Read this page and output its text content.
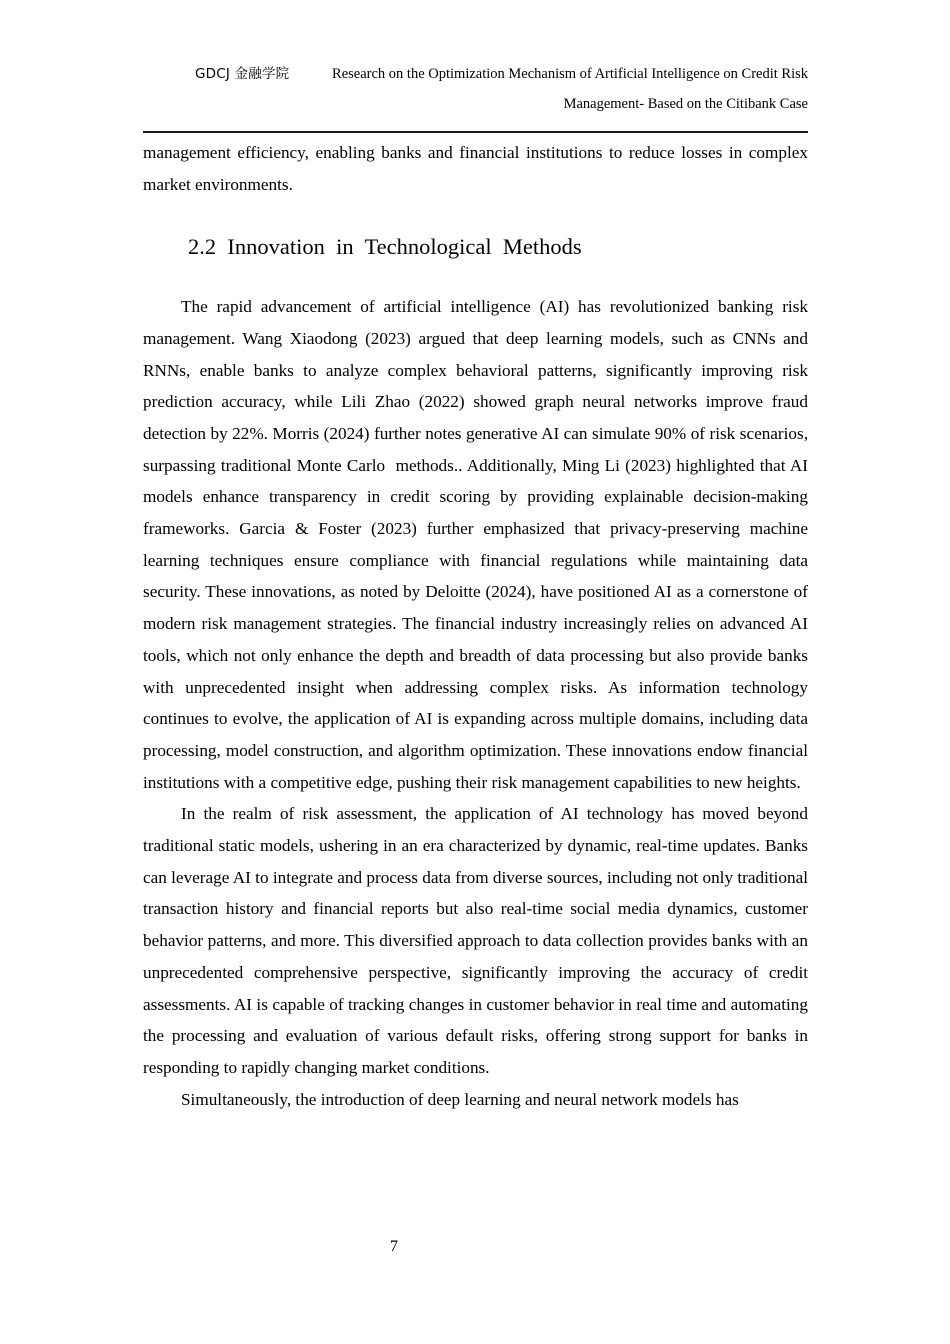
GDCJ 金融学院	Research on the Optimization Mechanism of Artificial Intelligence on Credit Risk
Management- Based on the Citibank Case

management efficiency, enabling banks and financial institutions to reduce losses in complex market environments.

2.2  Innovation  in  Technological  Methods

The rapid advancement of artificial intelligence (AI) has revolutionized banking risk management. Wang Xiaodong (2023) argued that deep learning models, such as CNNs and RNNs, enable banks to analyze complex behavioral patterns, significantly improving risk prediction accuracy, while Lili Zhao (2022) showed graph neural networks improve fraud detection by 22%. Morris (2024) further notes generative AI can simulate 90% of risk scenarios, surpassing traditional Monte Carlo  methods.. Additionally, Ming Li (2023) highlighted that AI models enhance transparency in credit scoring by providing explainable decision-making frameworks. Garcia & Foster (2023) further emphasized that privacy-preserving machine learning techniques ensure compliance with financial regulations while maintaining data security. These innovations, as noted by Deloitte (2024), have positioned AI as a cornerstone of modern risk management strategies. The financial industry increasingly relies on advanced AI tools, which not only enhance the depth and breadth of data processing but also provide banks with unprecedented insight when addressing complex risks. As information technology continues to evolve, the application of AI is expanding across multiple domains, including data processing, model construction, and algorithm optimization. These innovations endow financial institutions with a competitive edge, pushing their risk management capabilities to new heights.

In the realm of risk assessment, the application of AI technology has moved beyond traditional static models, ushering in an era characterized by dynamic, real-time updates. Banks can leverage AI to integrate and process data from diverse sources, including not only traditional transaction history and financial reports but also real-time social media dynamics, customer behavior patterns, and more. This diversified approach to data collection provides banks with an unprecedented comprehensive perspective, significantly improving the accuracy of credit assessments. AI is capable of tracking changes in customer behavior in real time and automating the processing and evaluation of various default risks, offering strong support for banks in responding to rapidly changing market conditions.

Simultaneously, the introduction of deep learning and neural network models has

7
